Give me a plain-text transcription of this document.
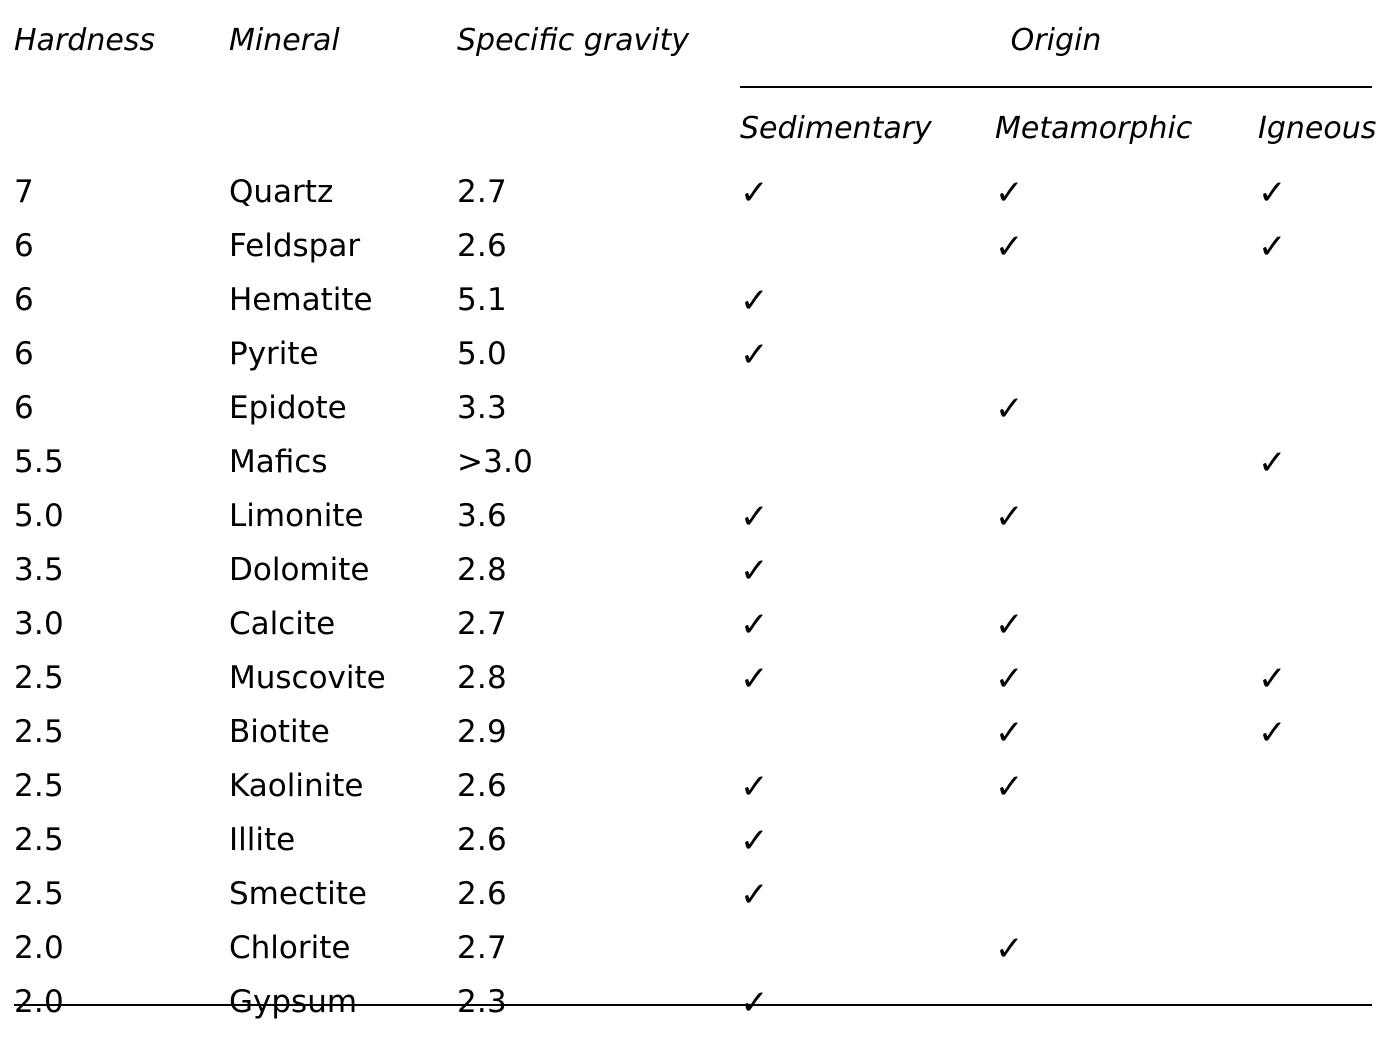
Hardness	Mineral	Specific gravity	Origin		

			Sedimentary	Metamorphic	Igneous
7	Quartz	2.7	✓	✓	✓
6	Feldspar	2.6		✓	✓
6	Hematite	5.1	✓		
6	Pyrite	5.0	✓		
6	Epidote	3.3		✓	
5.5	Mafics	>3.0			✓
5.0	Limonite	3.6	✓	✓	
3.5	Dolomite	2.8	✓		
3.0	Calcite	2.7	✓	✓	
2.5	Muscovite	2.8	✓	✓	✓
2.5	Biotite	2.9		✓	✓
2.5	Kaolinite	2.6	✓	✓	
2.5	Illite	2.6	✓		
2.5	Smectite	2.6	✓		
2.0	Chlorite	2.7		✓	
2.0	Gypsum	2.3	✓		
